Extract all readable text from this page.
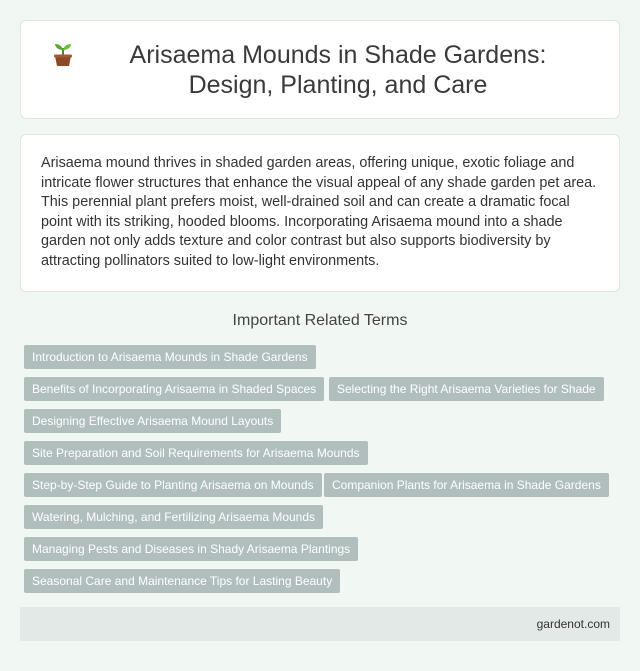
Arisaema Mounds in Shade Gardens: Design, Planting, and Care

Arisaema mound thrives in shaded garden areas, offering unique, exotic foliage and intricate flower structures that enhance the visual appeal of any shade garden pet area. This perennial plant prefers moist, well-drained soil and can create a dramatic focal point with its striking, hooded blooms. Incorporating Arisaema mound into a shade garden not only adds texture and color contrast but also supports biodiversity by attracting pollinators suited to low-light environments.

Important Related Terms
Introduction to Arisaema Mounds in Shade Gardens
Benefits of Incorporating Arisaema in Shaded Spaces	Selecting the Right Arisaema Varieties for Shade
Designing Effective Arisaema Mound Layouts
Site Preparation and Soil Requirements for Arisaema Mounds
Step-by-Step Guide to Planting Arisaema on Mounds	Companion Plants for Arisaema in Shade Gardens
Watering, Mulching, and Fertilizing Arisaema Mounds
Managing Pests and Diseases in Shady Arisaema Plantings
Seasonal Care and Maintenance Tips for Lasting Beauty
gardenot.com
